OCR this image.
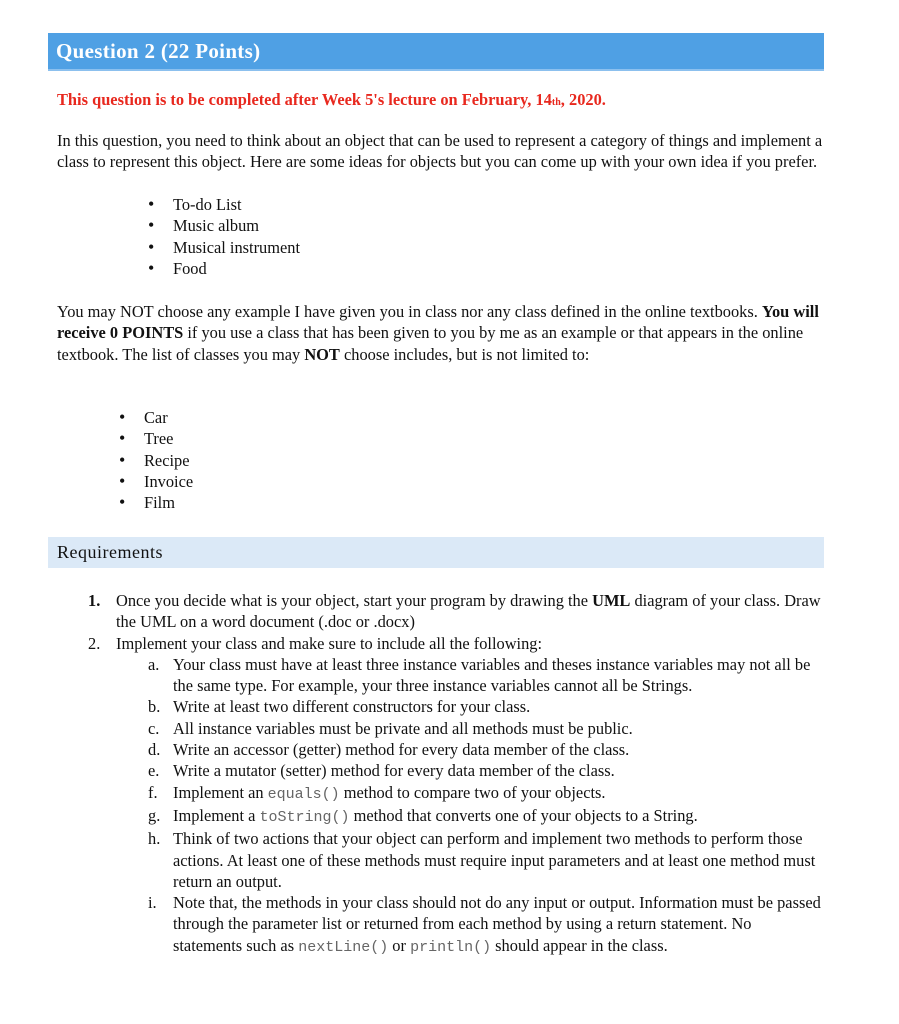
Question 2 (22 Points)
This question is to be completed after Week 5's lecture on February, 14th, 2020.
In this question, you need to think about an object that can be used to represent a category of things and implement a class to represent this object. Here are some ideas for objects but you can come up with your own idea if you prefer.
• To-do List
• Music album
• Musical instrument
• Food
You may NOT choose any example I have given you in class nor any class defined in the online textbooks. You will receive 0 POINTS if you use a class that has been given to you by me as an example or that appears in the online textbook. The list of classes you may NOT choose includes, but is not limited to:
• Car
• Tree
• Recipe
• Invoice
• Film
Requirements
1. Once you decide what is your object, start your program by drawing the UML diagram of your class. Draw the UML on a word document (.doc or .docx)
2. Implement your class and make sure to include all the following:
a. Your class must have at least three instance variables and theses instance variables may not all be the same type. For example, your three instance variables cannot all be Strings.
b. Write at least two different constructors for your class.
c. All instance variables must be private and all methods must be public.
d. Write an accessor (getter) method for every data member of the class.
e. Write a mutator (setter) method for every data member of the class.
f. Implement an equals() method to compare two of your objects.
g. Implement a toString() method that converts one of your objects to a String.
h. Think of two actions that your object can perform and implement two methods to perform those actions. At least one of these methods must require input parameters and at least one method must return an output.
i. Note that, the methods in your class should not do any input or output. Information must be passed through the parameter list or returned from each method by using a return statement. No statements such as nextLine() or println() should appear in the class.
